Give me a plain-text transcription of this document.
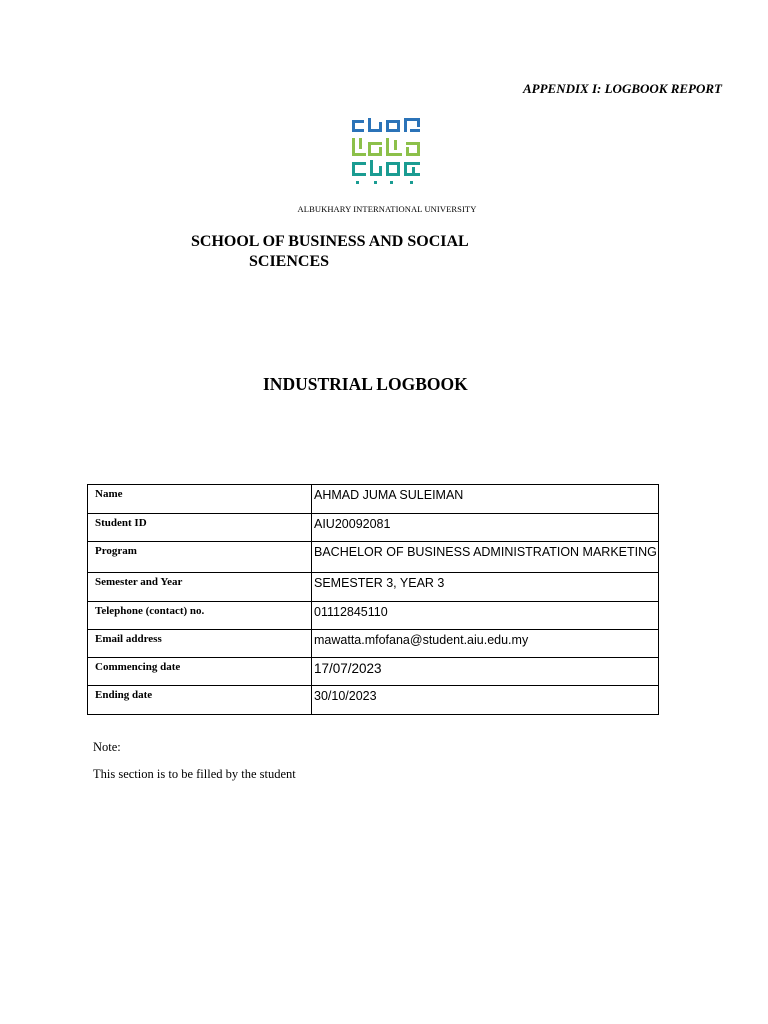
APPENDIX I: LOGBOOK REPORT
ALBUKHARY INTERNATIONAL UNIVERSITY
SCHOOL OF BUSINESS AND SOCIAL
SCIENCES
INDUSTRIAL LOGBOOK
Name	AHMAD JUMA SULEIMAN
Student ID	AIU20092081
Program	BACHELOR OF BUSINESS ADMINISTRATION MARKETING
Semester and Year	SEMESTER 3, YEAR 3
Telephone (contact) no.	01112845110
Email address	mawatta.mfofana@student.aiu.edu.my
Commencing date	17/07/2023
Ending date	30/10/2023
Note:
This section is to be filled by the student
